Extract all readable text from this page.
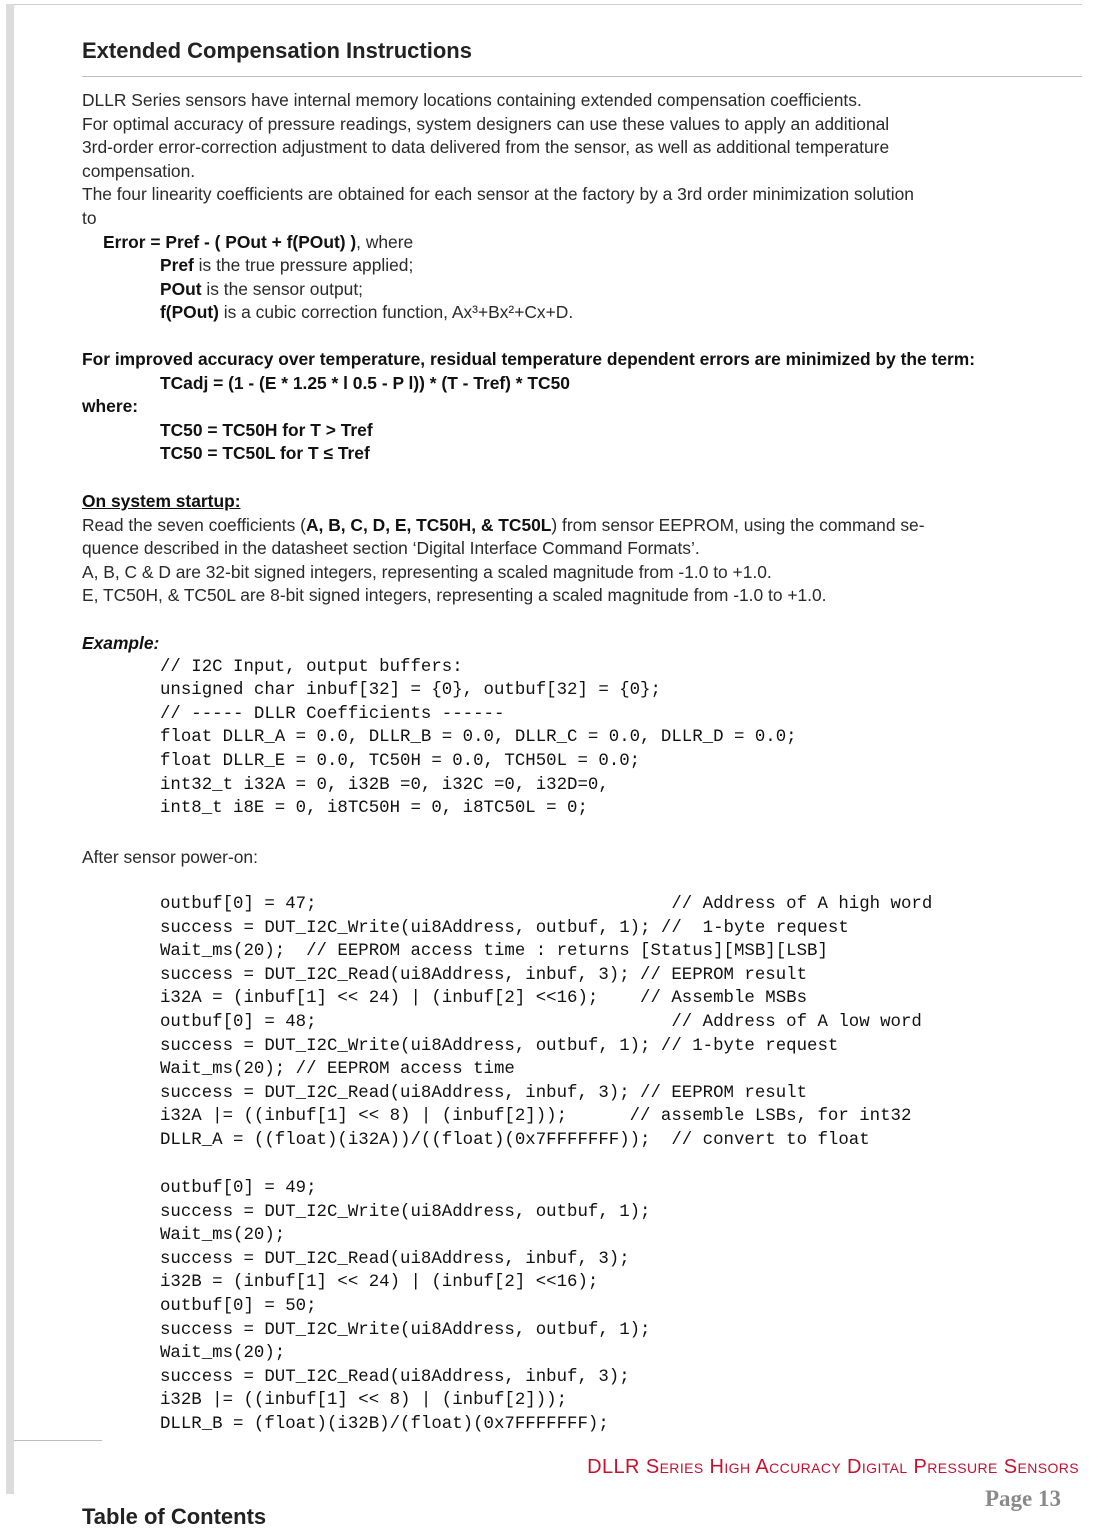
Extended Compensation Instructions
DLLR Series sensors have internal memory locations containing extended compensation coefficients.
For optimal accuracy of pressure readings, system designers can use these values to apply an additional
3rd-order error-correction adjustment to data delivered from the sensor, as well as additional temperature
compensation.
The four linearity coefficients are obtained for each sensor at the factory by a 3rd order minimization solution
to
Error = Pref - ( POut + f(POut) ), where
Pref is the true pressure applied;
POut is the sensor output;
f(POut) is a cubic correction function, Ax³+Bx²+Cx+D.
For improved accuracy over temperature, residual temperature dependent errors are minimized by the term:
TCadj = (1 - (E * 1.25 * l 0.5 - P l)) * (T - Tref) * TC50
where:
TC50 = TC50H for T > Tref
TC50 = TC50L for T ≤ Tref
On system startup:
Read the seven coefficients (A, B, C, D, E, TC50H, & TC50L) from sensor EEPROM, using the command se-
quence described in the datasheet section ‘Digital Interface Command Formats’.
A, B, C & D are 32-bit signed integers, representing a scaled magnitude from -1.0 to +1.0.
E, TC50H, & TC50L are 8-bit signed integers, representing a scaled magnitude from -1.0 to +1.0.
Example:
// I2C Input, output buffers:
unsigned char inbuf[32] = {0}, outbuf[32] = {0};
// ----- DLLR Coefficients ------
float DLLR_A = 0.0, DLLR_B = 0.0, DLLR_C = 0.0, DLLR_D = 0.0;
float DLLR_E = 0.0, TC50H = 0.0, TCH50L = 0.0;
int32_t i32A = 0, i32B =0, i32C =0, i32D=0,
int8_t i8E = 0, i8TC50H = 0, i8TC50L = 0;
After sensor power-on:
outbuf[0] = 47;                                  // Address of A high word
success = DUT_I2C_Write(ui8Address, outbuf, 1); //  1-byte request
Wait_ms(20);  // EEPROM access time : returns [Status][MSB][LSB]
success = DUT_I2C_Read(ui8Address, inbuf, 3); // EEPROM result
i32A = (inbuf[1] << 24) | (inbuf[2] <<16);    // Assemble MSBs
outbuf[0] = 48;                                  // Address of A low word
success = DUT_I2C_Write(ui8Address, outbuf, 1); // 1-byte request
Wait_ms(20); // EEPROM access time
success = DUT_I2C_Read(ui8Address, inbuf, 3); // EEPROM result
i32A |= ((inbuf[1] << 8) | (inbuf[2]));      // assemble LSBs, for int32
DLLR_A = ((float)(i32A))/((float)(0x7FFFFFFF));  // convert to float
outbuf[0] = 49;
success = DUT_I2C_Write(ui8Address, outbuf, 1);
Wait_ms(20);
success = DUT_I2C_Read(ui8Address, inbuf, 3);
i32B = (inbuf[1] << 24) | (inbuf[2] <<16);
outbuf[0] = 50;
success = DUT_I2C_Write(ui8Address, outbuf, 1);
Wait_ms(20);
success = DUT_I2C_Read(ui8Address, inbuf, 3);
i32B |= ((inbuf[1] << 8) | (inbuf[2]));
DLLR_B = (float)(i32B)/(float)(0x7FFFFFFF);
DLLR Series High Accuracy Digital Pressure Sensors
Page 13
Table of Contents
